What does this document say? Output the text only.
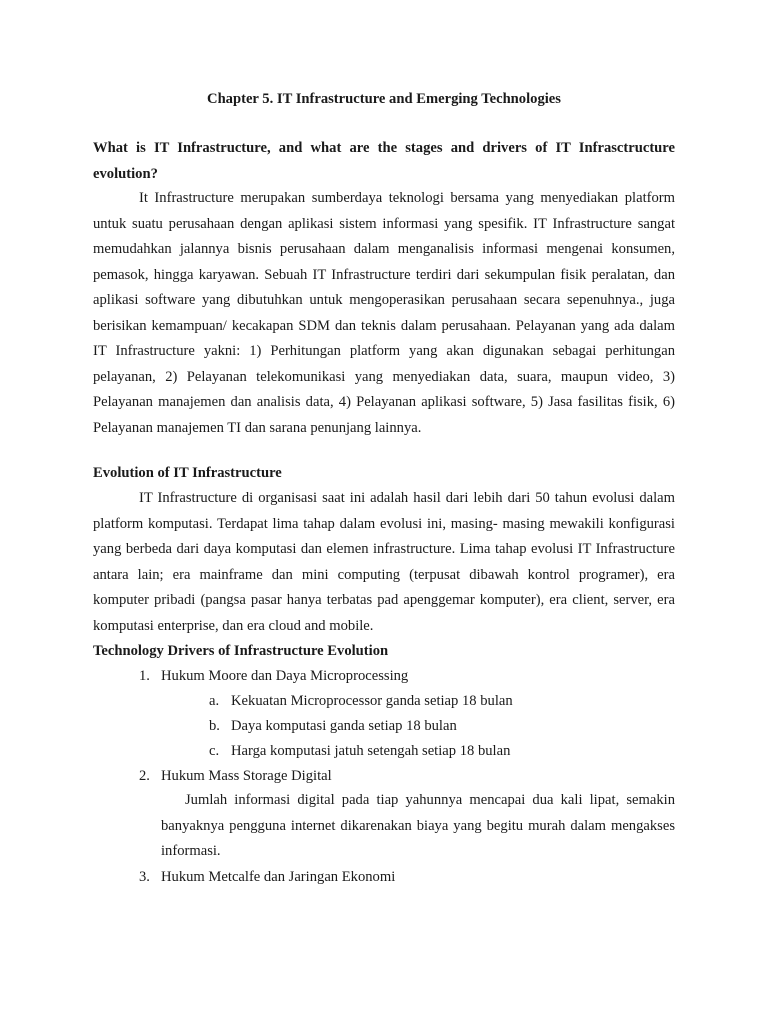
Chapter 5. IT Infrastructure and Emerging Technologies
What is IT Infrastructure, and what are the stages and drivers of IT Infrasctructure evolution?
It Infrastructure merupakan sumberdaya teknologi bersama yang menyediakan platform untuk suatu perusahaan dengan aplikasi sistem informasi yang spesifik. IT Infrastructure sangat memudahkan jalannya bisnis perusahaan dalam menganalisis informasi mengenai konsumen, pemasok, hingga karyawan. Sebuah IT Infrastructure terdiri dari sekumpulan fisik peralatan, dan aplikasi software yang dibutuhkan untuk mengoperasikan perusahaan secara sepenuhnya., juga berisikan kemampuan/ kecakapan SDM dan teknis dalam perusahaan. Pelayanan yang ada dalam IT Infrastructure yakni: 1) Perhitungan platform yang akan digunakan sebagai perhitungan pelayanan, 2) Pelayanan telekomunikasi yang menyediakan data, suara, maupun video, 3) Pelayanan manajemen dan analisis data, 4) Pelayanan aplikasi software, 5) Jasa fasilitas fisik, 6) Pelayanan manajemen TI dan sarana penunjang lainnya.
Evolution of IT Infrastructure
IT Infrastructure di organisasi saat ini adalah hasil dari lebih dari 50 tahun evolusi dalam platform komputasi. Terdapat lima tahap dalam evolusi ini, masing- masing mewakili konfigurasi yang berbeda dari daya komputasi dan elemen infrastructure. Lima tahap evolusi IT Infrastructure antara lain; era mainframe dan mini computing (terpusat dibawah kontrol programer), era komputer pribadi (pangsa pasar hanya terbatas pad apenggemar komputer), era client, server, era komputasi enterprise, dan era cloud and mobile.
Technology Drivers of Infrastructure Evolution
1. Hukum Moore dan Daya Microprocessing
a. Kekuatan Microprocessor ganda setiap 18 bulan
b. Daya komputasi ganda setiap 18 bulan
c. Harga komputasi jatuh setengah setiap 18 bulan
2. Hukum Mass Storage Digital
Jumlah informasi digital pada tiap yahunnya mencapai dua kali lipat, semakin banyaknya pengguna internet dikarenakan biaya yang begitu murah dalam mengakses informasi.
3. Hukum Metcalfe dan Jaringan Ekonomi
